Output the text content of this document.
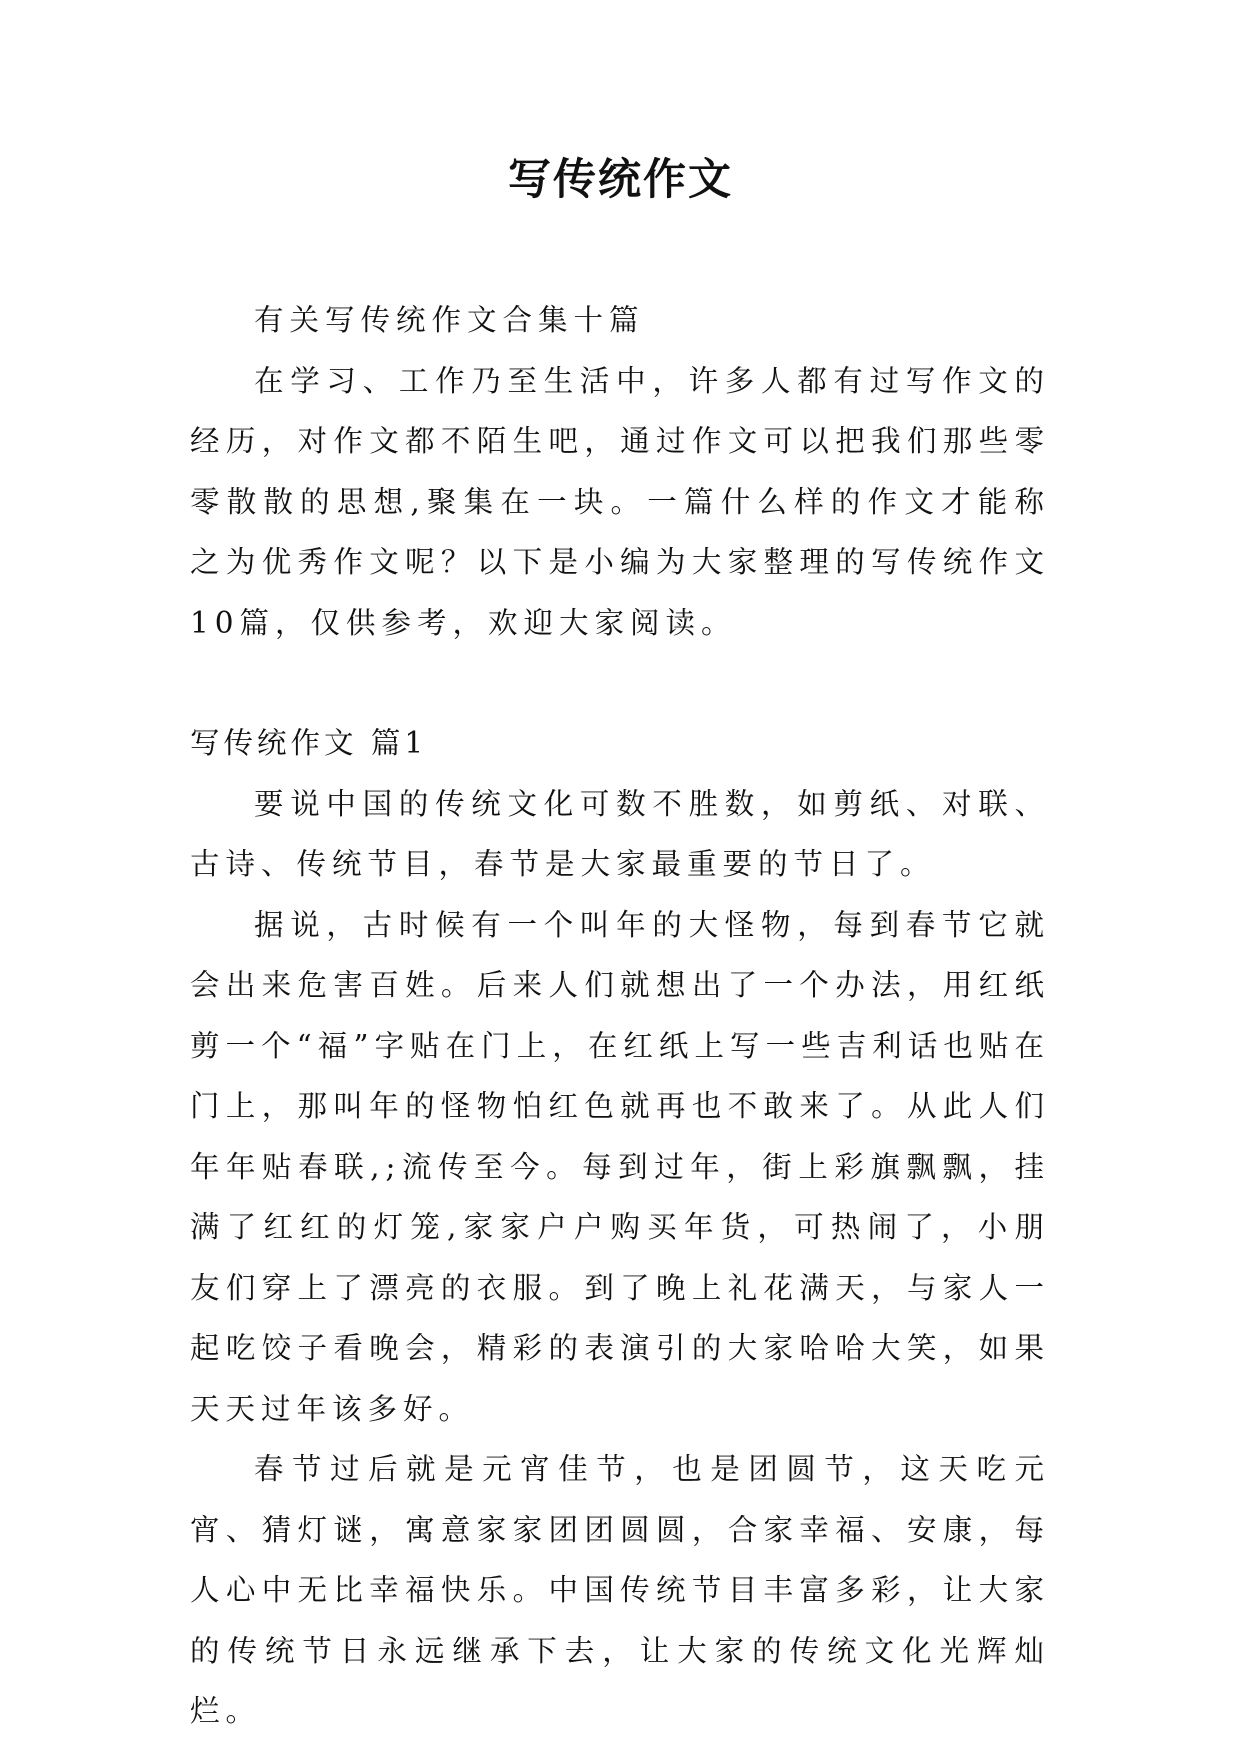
写传统作文

有关写传统作文合集十篇

在学习、工作乃至生活中，许多人都有过写作文的经历，对作文都不陌生吧，通过作文可以把我们那些零零散散的思想,聚集在一块。一篇什么样的作文才能称之为优秀作文呢？以下是小编为大家整理的写传统作文10篇，仅供参考，欢迎大家阅读。

写传统作文 篇1

要说中国的传统文化可数不胜数，如剪纸、对联、古诗、传统节目，春节是大家最重要的节日了。

据说，古时候有一个叫年的大怪物，每到春节它就会出来危害百姓。后来人们就想出了一个办法，用红纸剪一个“福”字贴在门上，在红纸上写一些吉利话也贴在门上，那叫年的怪物怕红色就再也不敢来了。从此人们年年贴春联,;流传至今。每到过年，街上彩旗飘飘，挂满了红红的灯笼,家家户户购买年货，可热闹了，小朋友们穿上了漂亮的衣服。到了晚上礼花满天，与家人一起吃饺子看晚会，精彩的表演引的大家哈哈大笑，如果天天过年该多好。

春节过后就是元宵佳节，也是团圆节，这天吃元宵、猜灯谜，寓意家家团团圆圆，合家幸福、安康，每人心中无比幸福快乐。中国传统节目丰富多彩，让大家的传统节日永远继承下去，让大家的传统文化光辉灿烂。
